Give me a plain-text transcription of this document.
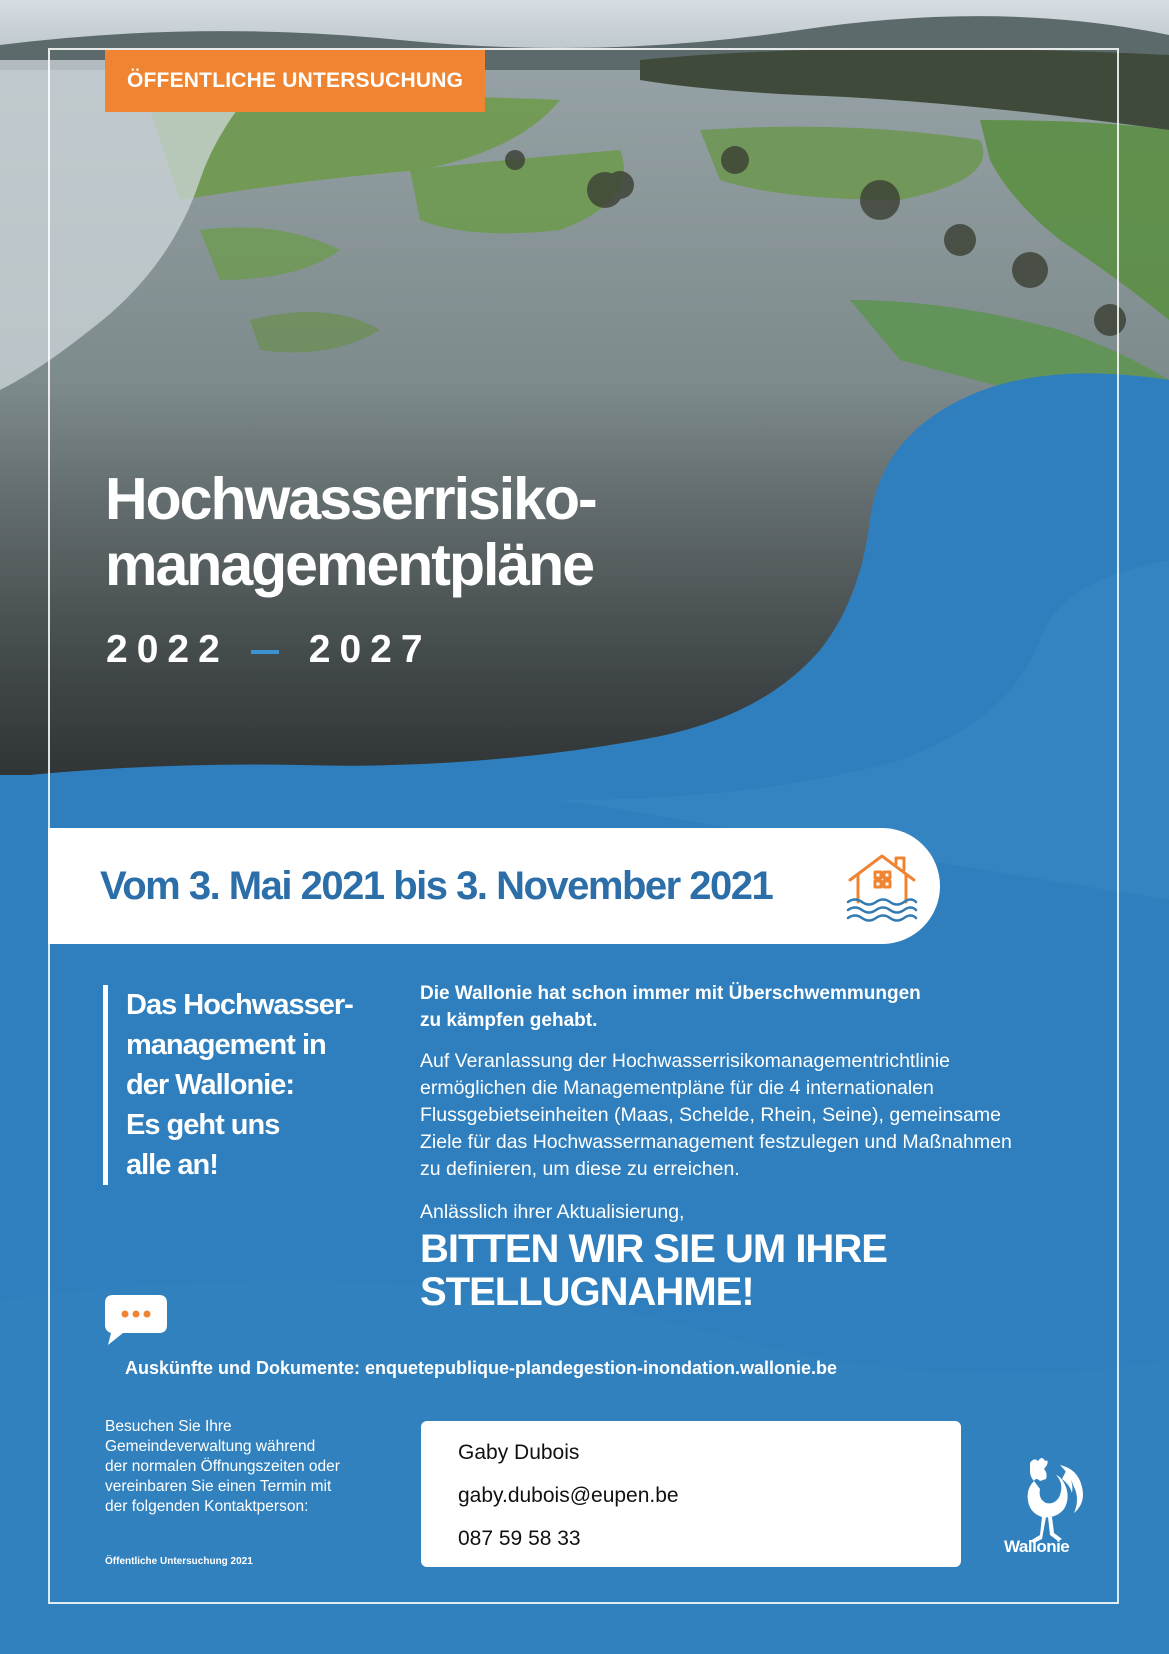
ÖFFENTLICHE UNTERSUCHUNG
Hochwasserrisiko-
managementpläne
2022 2027
Vom 3. Mai 2021 bis 3. November 2021
Das Hochwasser-
management in
der Wallonie:
Es geht uns
alle an!

Die Wallonie hat schon immer mit Überschwemmungen
zu kämpfen gehabt.

Auf Veranlassung der Hochwasserrisikomanagementrichtlinie
ermöglichen die Managementpläne für die 4 internationalen
Flussgebietseinheiten (Maas, Schelde, Rhein, Seine), gemeinsame
Ziele für das Hochwassermanagement festzulegen und Maßnahmen
zu definieren, um diese zu erreichen.

Anlässlich ihrer Aktualisierung,

BITTEN WIR SIE UM IHRE
STELLUGNAHME!

Auskünfte und Dokumente: enquetepublique-plandegestion-inondation.wallonie.be
Besuchen Sie Ihre
Gemeindeverwaltung während
der normalen Öffnungszeiten oder
vereinbaren Sie einen Termin mit
der folgenden Kontaktperson:
Gaby Dubois
gaby.dubois@eupen.be
087 59 58 33
Öffentliche Untersuchung 2021
Wallonie
